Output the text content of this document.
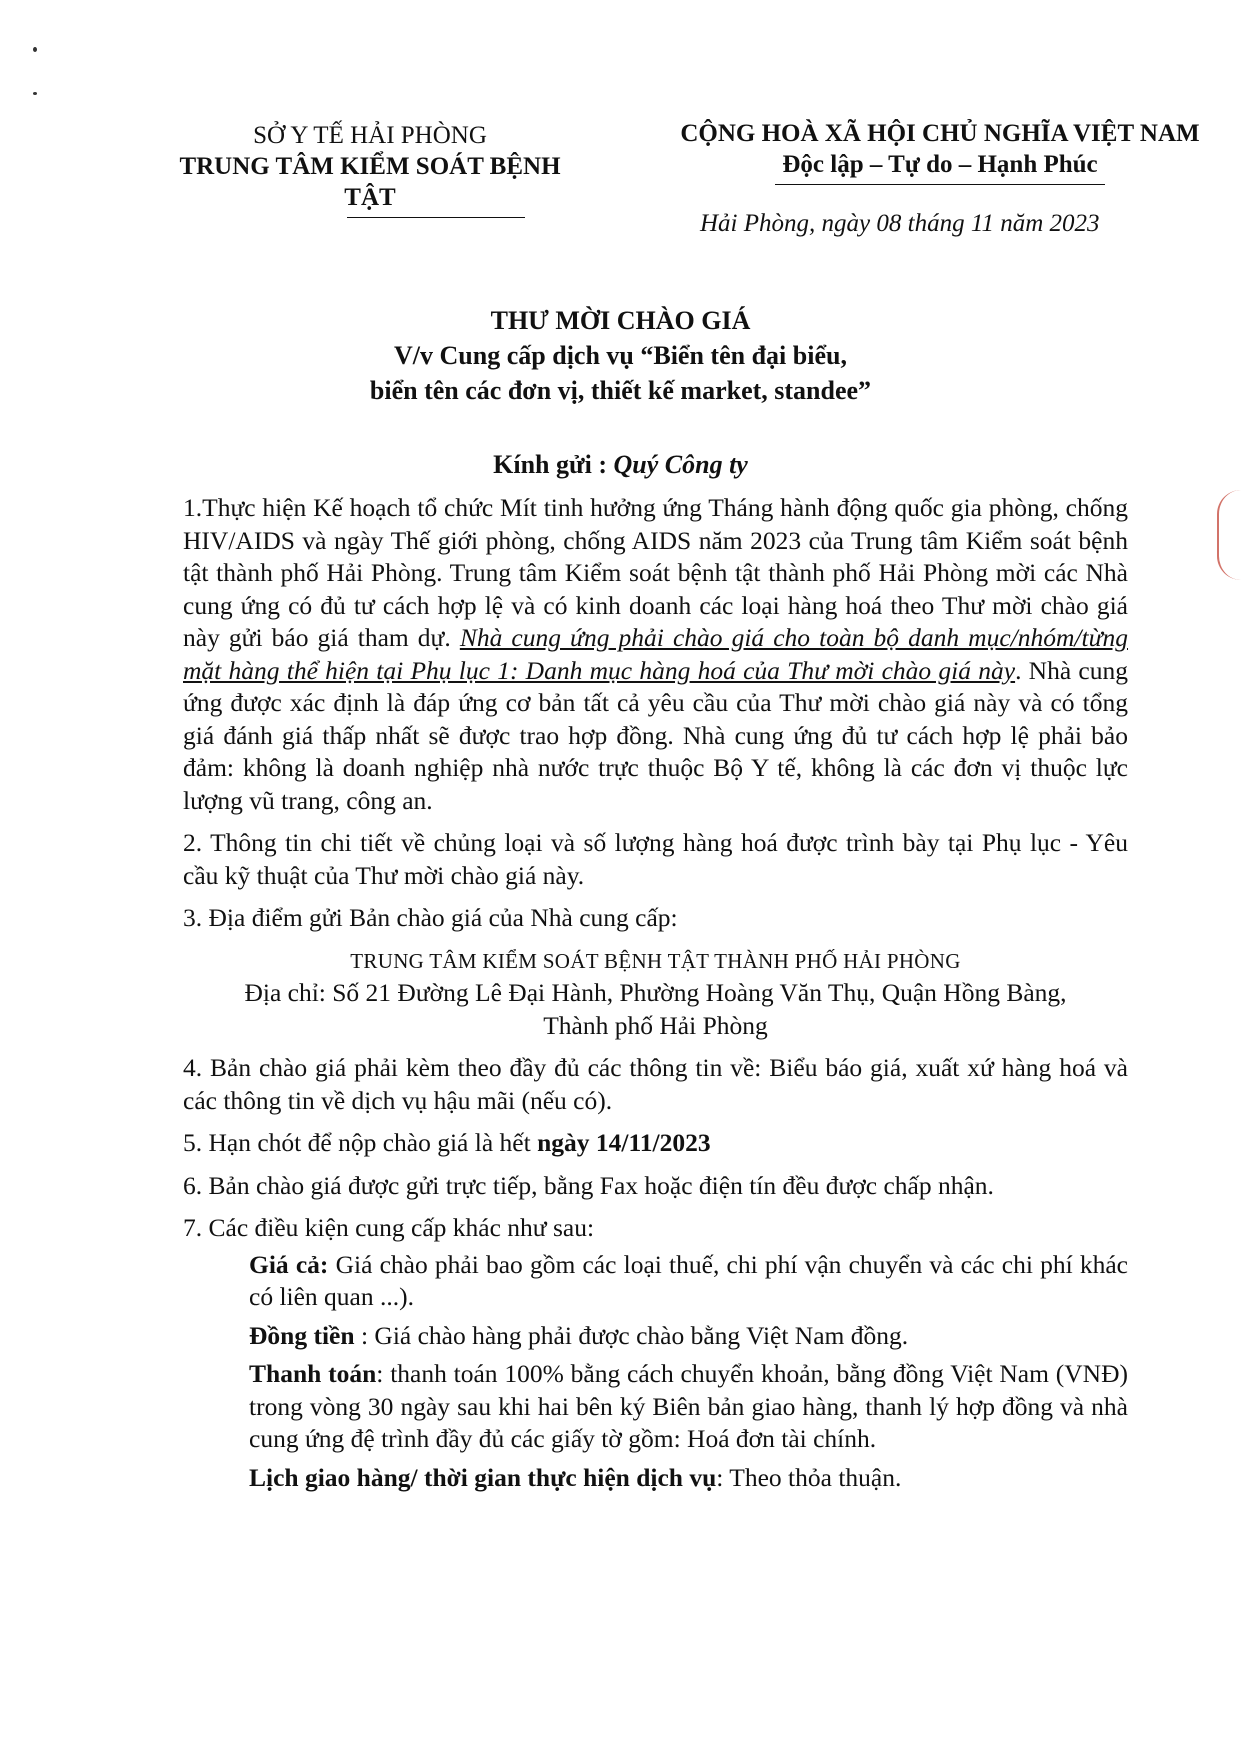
SỞ Y TẾ HẢI PHÒNG
TRUNG TÂM KIỂM SOÁT BỆNH TẬT
CỘNG HOÀ XÃ HỘI CHỦ NGHĨA VIỆT NAM
Độc lập – Tự do – Hạnh Phúc
Hải Phòng, ngày 08 tháng 11 năm 2023
THƯ MỜI CHÀO GIÁ
V/v Cung cấp dịch vụ “Biển tên đại biểu,
biển tên các đơn vị, thiết kế market, standee”
Kính gửi : Quý Công ty

1.Thực hiện Kế hoạch tổ chức Mít tinh hưởng ứng Tháng hành động quốc gia phòng, chống HIV/AIDS và ngày Thế giới phòng, chống AIDS năm 2023 của Trung tâm Kiểm soát bệnh tật thành phố Hải Phòng. Trung tâm Kiểm soát bệnh tật thành phố Hải Phòng mời các Nhà cung ứng có đủ tư cách hợp lệ và có kinh doanh các loại hàng hoá theo Thư mời chào giá này gửi báo giá tham dự. Nhà cung ứng phải chào giá cho toàn bộ danh mục/nhóm/từng mặt hàng thể hiện tại Phụ lục 1: Danh mục hàng hoá của Thư mời chào giá này. Nhà cung ứng được xác định là đáp ứng cơ bản tất cả yêu cầu của Thư mời chào giá này và có tổng giá đánh giá thấp nhất sẽ được trao hợp đồng. Nhà cung ứng đủ tư cách hợp lệ phải bảo đảm: không là doanh nghiệp nhà nước trực thuộc Bộ Y tế, không là các đơn vị thuộc lực lượng vũ trang, công an.

2. Thông tin chi tiết về chủng loại và số lượng hàng hoá được trình bày tại Phụ lục - Yêu cầu kỹ thuật của Thư mời chào giá này.

3. Địa điểm gửi Bản chào giá của Nhà cung cấp:

TRUNG TÂM KIỂM SOÁT BỆNH TẬT THÀNH PHỐ HẢI PHÒNG
Địa chỉ: Số 21 Đường Lê Đại Hành, Phường Hoàng Văn Thụ, Quận Hồng Bàng,
Thành phố Hải Phòng

4. Bản chào giá phải kèm theo đầy đủ các thông tin về: Biểu báo giá, xuất xứ hàng hoá và các thông tin về dịch vụ hậu mãi (nếu có).

5. Hạn chót để nộp chào giá là hết ngày 14/11/2023

6. Bản chào giá được gửi trực tiếp, bằng Fax hoặc điện tín đều được chấp nhận.

7. Các điều kiện cung cấp khác như sau:

Giá cả: Giá chào phải bao gồm các loại thuế, chi phí vận chuyển và các chi phí khác có liên quan ...).

Đồng tiền : Giá chào hàng phải được chào bằng Việt Nam đồng.

Thanh toán: thanh toán 100% bằng cách chuyển khoản, bằng đồng Việt Nam (VNĐ) trong vòng 30 ngày sau khi hai bên ký Biên bản giao hàng, thanh lý hợp đồng và nhà cung ứng đệ trình đầy đủ các giấy tờ gồm: Hoá đơn tài chính.

Lịch giao hàng/ thời gian thực hiện dịch vụ: Theo thỏa thuận.
